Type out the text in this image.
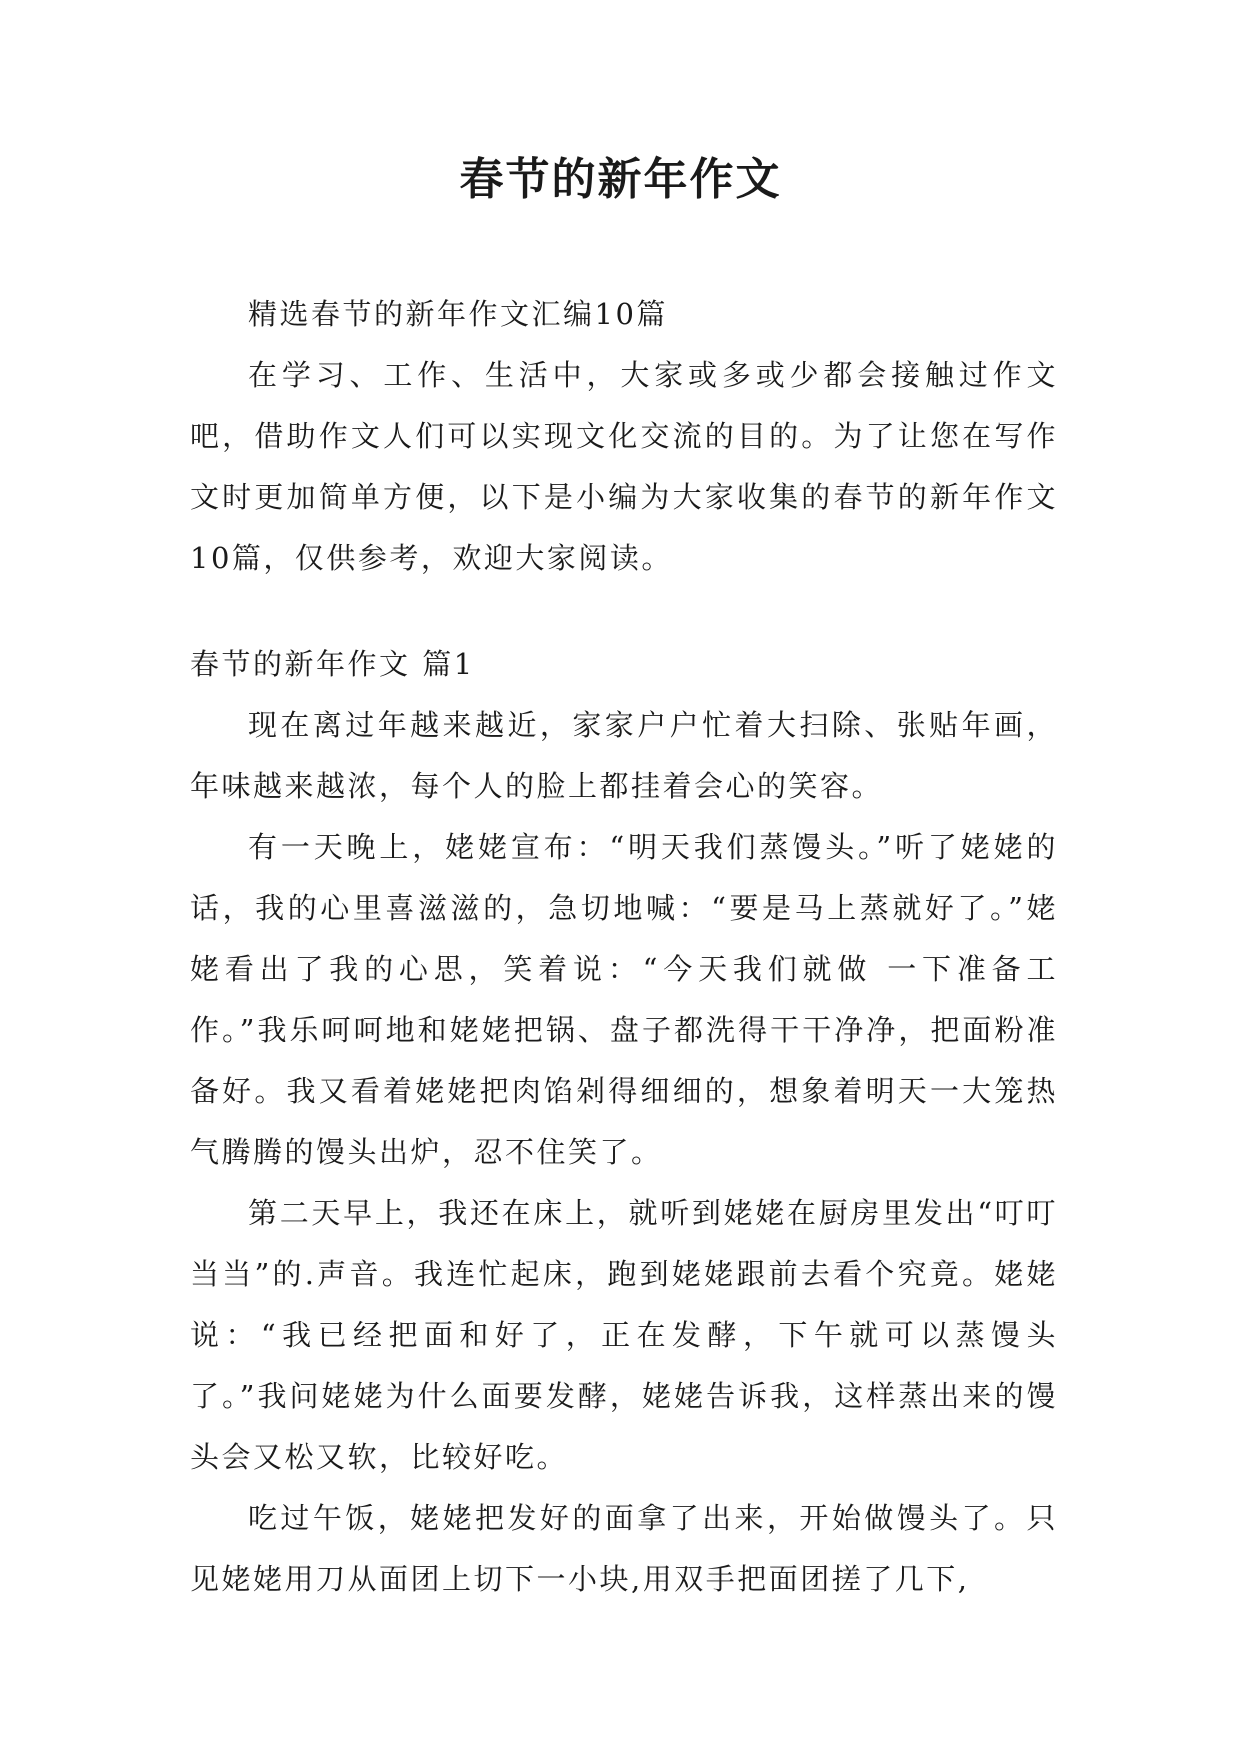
春节的新年作文

精选春节的新年作文汇编10篇

在学习、工作、生活中，大家或多或少都会接触过作文吧，借助作文人们可以实现文化交流的目的。为了让您在写作文时更加简单方便，以下是小编为大家收集的春节的新年作文10篇，仅供参考，欢迎大家阅读。

春节的新年作文 篇1

现在离过年越来越近，家家户户忙着大扫除、张贴年画，年味越来越浓，每个人的脸上都挂着会心的笑容。

有一天晚上，姥姥宣布：“明天我们蒸馒头。”听了姥姥的话，我的心里喜滋滋的，急切地喊：“要是马上蒸就好了。”姥姥看出了我的心思，笑着说：“今天我们就做 一下准备工作。”我乐呵呵地和姥姥把锅、盘子都洗得干干净净，把面粉准备好。我又看着姥姥把肉馅剁得细细的，想象着明天一大笼热气腾腾的馒头出炉，忍不住笑了。

第二天早上，我还在床上，就听到姥姥在厨房里发出“叮叮当当”的.声音。我连忙起床，跑到姥姥跟前去看个究竟。姥姥说：“我已经把面和好了，正在发酵，下午就可以蒸馒头了。”我问姥姥为什么面要发酵，姥姥告诉我，这样蒸出来的馒头会又松又软，比较好吃。

吃过午饭，姥姥把发好的面拿了出来，开始做馒头了。只见姥姥用刀从面团上切下一小块,用双手把面团搓了几下,
